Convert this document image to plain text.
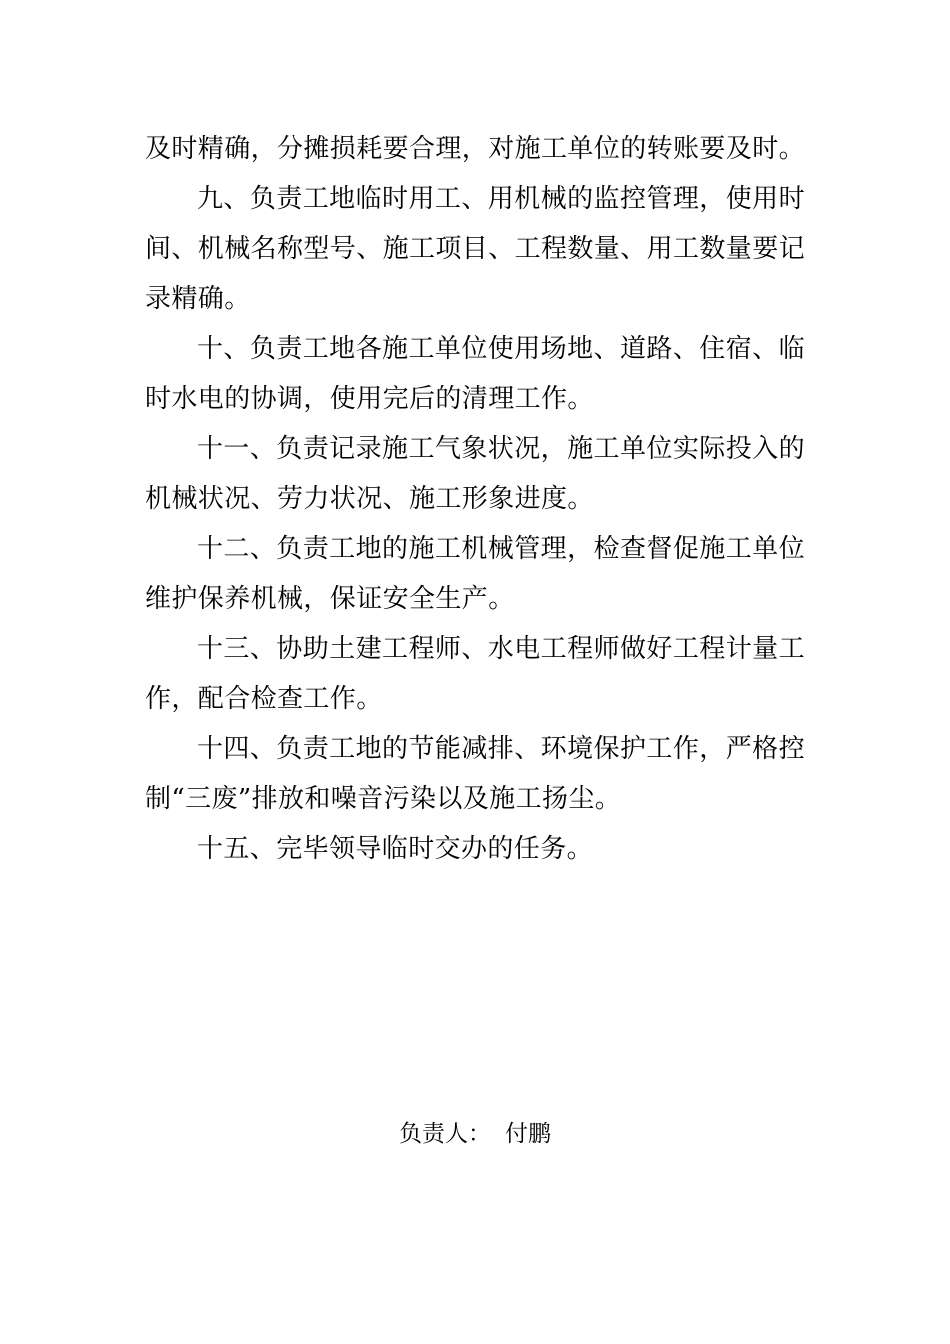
及时精确，分摊损耗要合理，对施工单位的转账要及时。

九、负责工地临时用工、用机械的监控管理，使用时间、机械名称型号、施工项目、工程数量、用工数量要记录精确。

十、负责工地各施工单位使用场地、道路、住宿、临时水电的协调，使用完后的清理工作。

十一、负责记录施工气象状况，施工单位实际投入的机械状况、劳力状况、施工形象进度。

十二、负责工地的施工机械管理，检查督促施工单位维护保养机械，保证安全生产。

十三、协助土建工程师、水电工程师做好工程计量工作，配合检查工作。

十四、负责工地的节能减排、环境保护工作，严格控制“三废”排放和噪音污染以及施工扬尘。

十五、完毕领导临时交办的任务。

负责人： 付鹏
